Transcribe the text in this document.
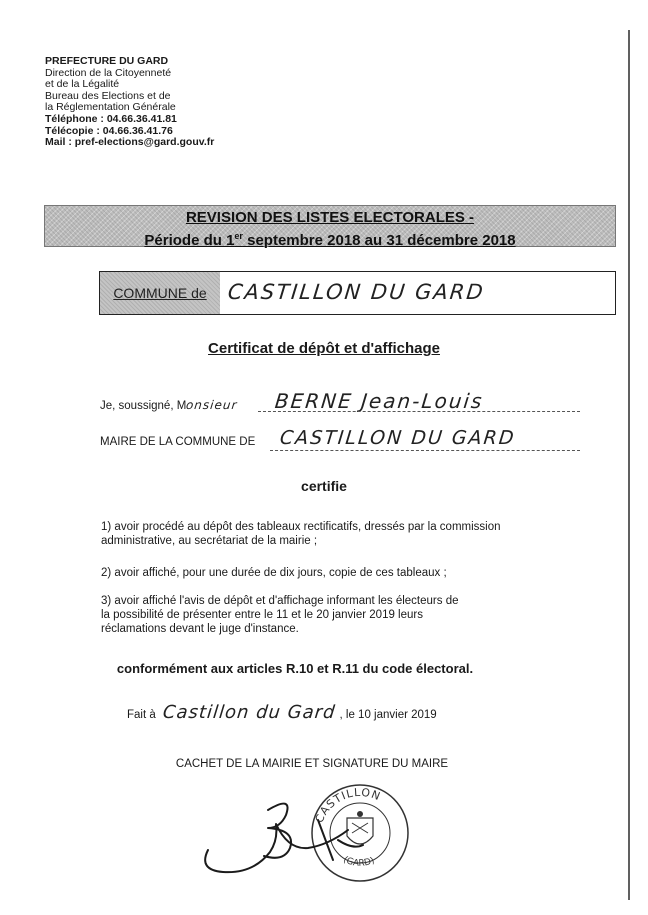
PREFECTURE DU GARD
Direction de la Citoyenneté
et de la Légalité
Bureau des Elections et de
la Réglementation Générale
Téléphone : 04.66.36.41.81
Télécopie : 04.66.36.41.76
Mail : pref-elections@gard.gouv.fr
REVISION DES LISTES ELECTORALES -
Période du 1er septembre 2018 au 31 décembre 2018
COMMUNE de CASTILLON DU GARD
Certificat de dépôt et d'affichage
Je, soussigné, Monsieur BERNE Jean-Louis
MAIRE DE LA COMMUNE DE CASTILLON DU GARD
certifie
1) avoir procédé au dépôt des tableaux rectificatifs, dressés par la commission administrative, au secrétariat de la mairie ;
2) avoir affiché, pour une durée de dix jours, copie de ces tableaux ;
3) avoir affiché l'avis de dépôt et d'affichage informant les électeurs de la possibilité de présenter entre le 11 et le 20 janvier 2019 leurs réclamations devant le juge d'instance.
conformément aux articles R.10 et R.11 du code électoral.
Fait à Castillon du Gard , le 10 janvier 2019
CACHET DE LA MAIRIE ET SIGNATURE DU MAIRE
CASTILLON
(GARD)
